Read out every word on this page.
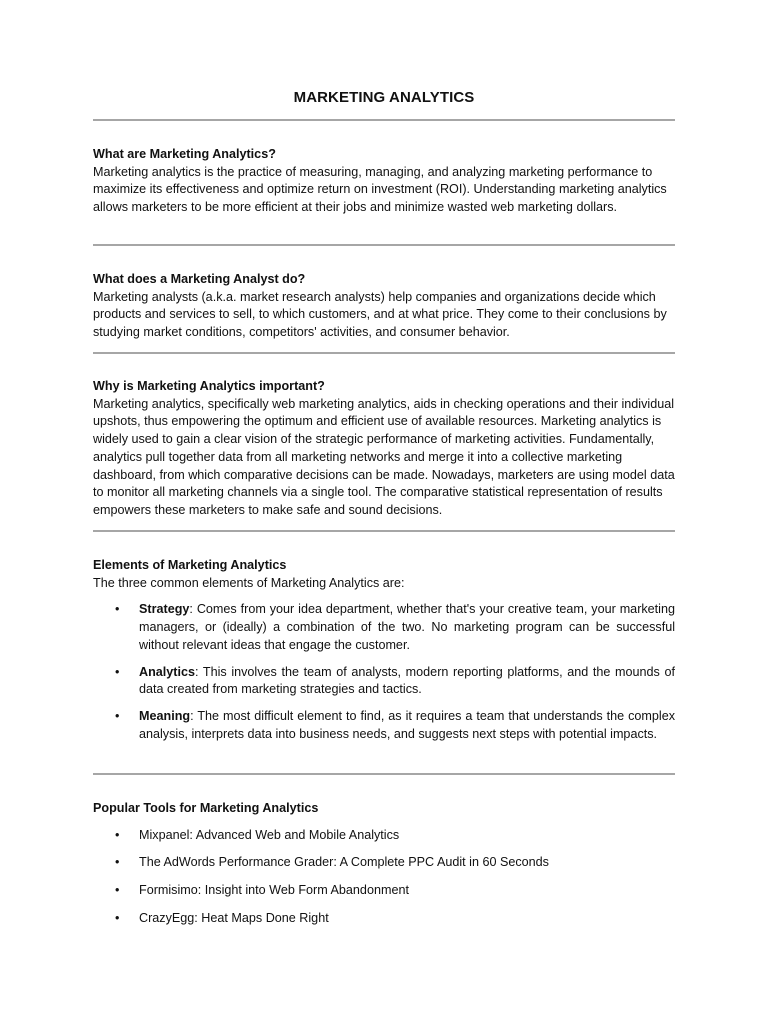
MARKETING ANALYTICS
What are Marketing Analytics?

Marketing analytics is the practice of measuring, managing, and analyzing marketing performance to maximize its effectiveness and optimize return on investment (ROI). Understanding marketing analytics allows marketers to be more efficient at their jobs and minimize wasted web marketing dollars.

What does a Marketing Analyst do?

Marketing analysts (a.k.a. market research analysts) help companies and organizations decide which products and services to sell, to which customers, and at what price. They come to their conclusions by studying market conditions, competitors' activities, and consumer behavior.

Why is Marketing Analytics important?

Marketing analytics, specifically web marketing analytics, aids in checking operations and their individual upshots, thus empowering the optimum and efficient use of available resources. Marketing analytics is widely used to gain a clear vision of the strategic performance of marketing activities. Fundamentally, analytics pull together data from all marketing networks and merge it into a collective marketing dashboard, from which comparative decisions can be made. Nowadays, marketers are using model data to monitor all marketing channels via a single tool. The comparative statistical representation of results empowers these marketers to make safe and sound decisions.

Elements of Marketing Analytics

The three common elements of Marketing Analytics are:

• Strategy: Comes from your idea department, whether that's your creative team, your marketing managers, or (ideally) a combination of the two. No marketing program can be successful without relevant ideas that engage the customer.
• Analytics: This involves the team of analysts, modern reporting platforms, and the mounds of data created from marketing strategies and tactics.
• Meaning: The most difficult element to find, as it requires a team that understands the complex analysis, interprets data into business needs, and suggests next steps with potential impacts.
Popular Tools for Marketing Analytics
• Mixpanel: Advanced Web and Mobile Analytics
• The AdWords Performance Grader: A Complete PPC Audit in 60 Seconds
• Formisimo: Insight into Web Form Abandonment
• CrazyEgg: Heat Maps Done Right
